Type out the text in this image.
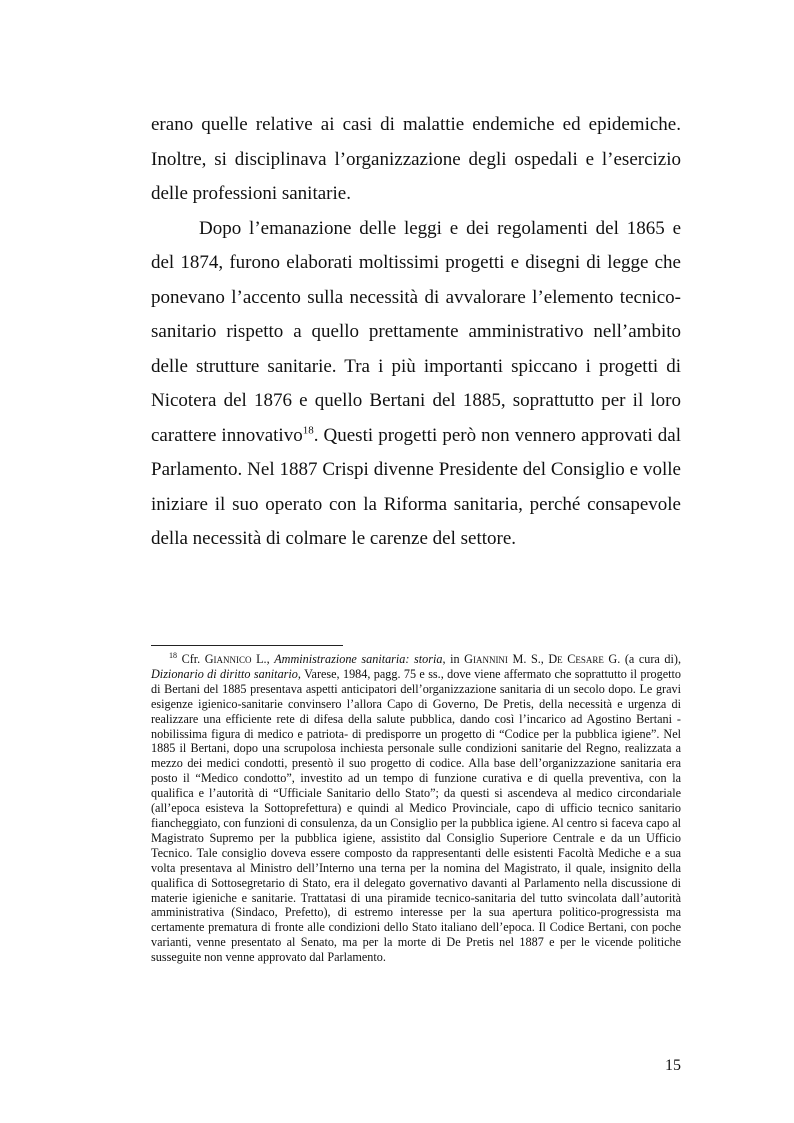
erano quelle relative ai casi di malattie endemiche ed epidemiche. Inoltre, si disciplinava l’organizzazione degli ospedali e l’esercizio delle professioni sanitarie.

Dopo l’emanazione delle leggi e dei regolamenti del 1865 e del 1874, furono elaborati moltissimi progetti e disegni di legge che ponevano l’accento sulla necessità di avvalorare l’elemento tecnico-sanitario rispetto a quello prettamente amministrativo nell’ambito delle strutture sanitarie. Tra i più importanti spiccano i progetti di Nicotera del 1876 e quello Bertani del 1885, soprattutto per il loro carattere innovativo$^{18}$. Questi progetti però non vennero approvati dal Parlamento. Nel 1887 Crispi divenne Presidente del Consiglio e volle iniziare il suo operato con la Riforma sanitaria, perché consapevole della necessità di colmare le carenze del settore.

$^{18}$ Cfr. Giannico L., Amministrazione sanitaria: storia, in Giannini M. S., De Cesare G. (a cura di), Dizionario di diritto sanitario, Varese, 1984, pagg. 75 e ss., dove viene affermato che soprattutto il progetto di Bertani del 1885 presentava aspetti anticipatori dell’organizzazione sanitaria di un secolo dopo. Le gravi esigenze igienico-sanitarie convinsero l’allora Capo di Governo, De Pretis, della necessità e urgenza di realizzare una efficiente rete di difesa della salute pubblica, dando così l’incarico ad Agostino Bertani - nobilissima figura di medico e patriota- di predisporre un progetto di “Codice per la pubblica igiene”. Nel 1885 il Bertani, dopo una scrupolosa inchiesta personale sulle condizioni sanitarie del Regno, realizzata a mezzo dei medici condotti, presentò il suo progetto di codice. Alla base dell’organizzazione sanitaria era posto il “Medico condotto”, investito ad un tempo di funzione curativa e di quella preventiva, con la qualifica e l’autorità di “Ufficiale Sanitario dello Stato”; da questi si ascendeva al medico circondariale (all’epoca esisteva la Sottoprefettura) e quindi al Medico Provinciale, capo di ufficio tecnico sanitario fiancheggiato, con funzioni di consulenza, da un Consiglio per la pubblica igiene. Al centro si faceva capo al Magistrato Supremo per la pubblica igiene, assistito dal Consiglio Superiore Centrale e da un Ufficio Tecnico. Tale consiglio doveva essere composto da rappresentanti delle esistenti Facoltà Mediche e a sua volta presentava al Ministro dell’Interno una terna per la nomina del Magistrato, il quale, insignito della qualifica di Sottosegretario di Stato, era il delegato governativo davanti al Parlamento nella discussione di materie igieniche e sanitarie. Trattatasi di una piramide tecnico-sanitaria del tutto svincolata dall’autorità amministrativa (Sindaco, Prefetto), di estremo interesse per la sua apertura politico-progressista ma certamente prematura di fronte alle condizioni dello Stato italiano dell’epoca. Il Codice Bertani, con poche varianti, venne presentato al Senato, ma per la morte di De Pretis nel 1887 e per le vicende politiche susseguite non venne approvato dal Parlamento.

15
